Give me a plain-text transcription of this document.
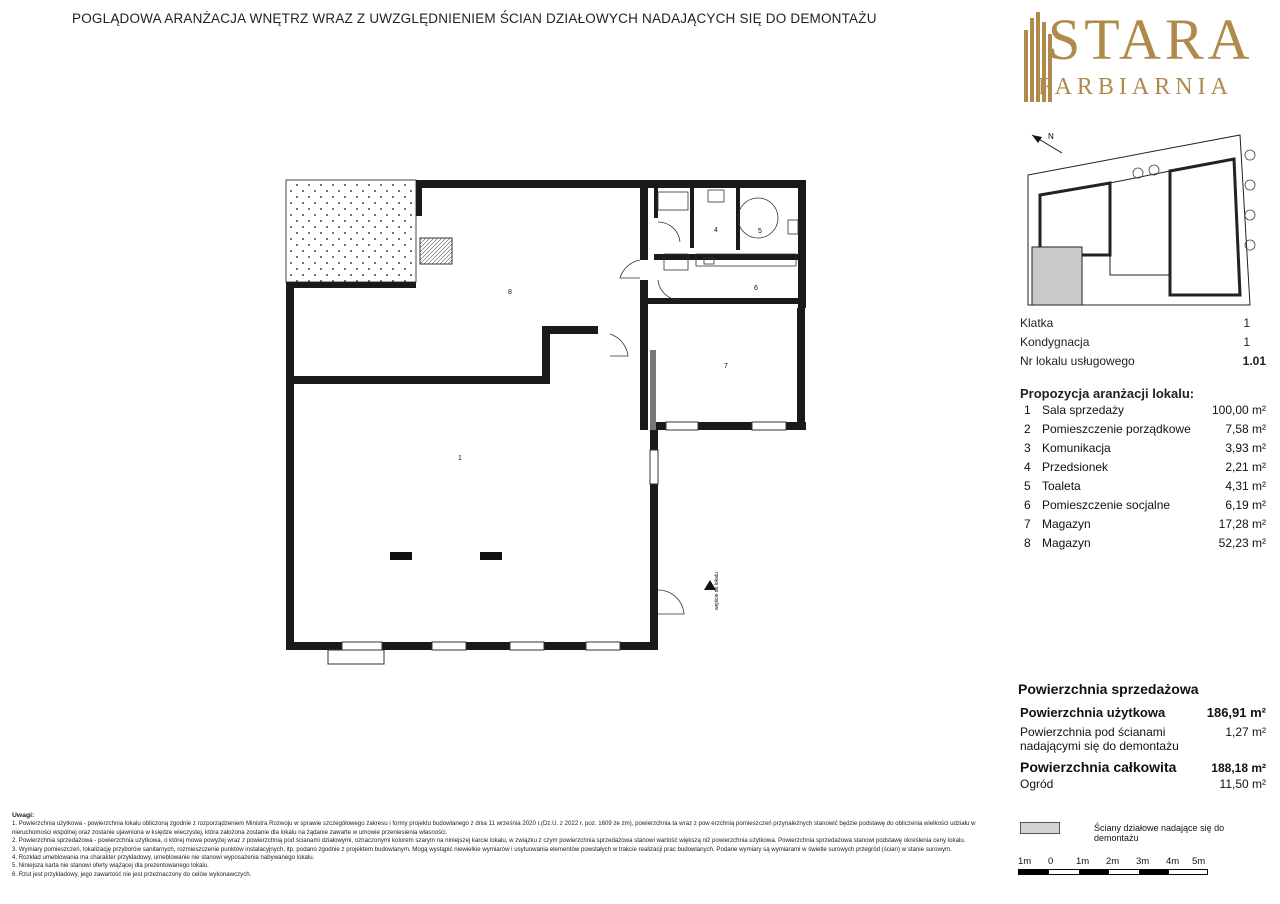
POGLĄDOWA ARANŻACJA WNĘTRZ WRAZ Z UWZGLĘDNIENIEM ŚCIAN DZIAŁOWYCH NADAJĄCYCH SIĘ DO DEMONTAŻU	STARA
FARBIARNIA
1
3
4	5
6
7
8
wejście do lokalu
N
Klatka	1
Kondygnacja	1
Nr lokalu usługowego	1.01
Propozycja aranżacji lokalu:
1 Sala sprzedaży	100,00 m²
2 Pomieszczenie porządkowe	7,58 m²
3 Komunikacja	3,93 m²
4 Przedsionek	2,21 m²
5 Toaleta	4,31 m²
6 Pomieszczenie socjalne	6,19 m²
7 Magazyn	17,28 m²
8 Magazyn	52,23 m²
Powierzchnia sprzedażowa
Powierzchnia użytkowa	186,91 m²
Powierzchnia pod ścianami nadającymi się do demontażu
1,27 m²
Powierzchnia całkowita	188,18 m²
Ogród	11,50 m²
Ściany działowe nadające się do demontażu
1m 0 1m 2m 3m 4m 5m
Uwagi:
1. Powierzchnia użytkowa - powierzchnia lokalu obliczoną zgodnie z rozporządzeniem Ministra Rozwoju w sprawie szczegółowego zakresu i formy projektu budowlanego z dnia 11 września 2020 r.(Dz.U. z 2022 r. poz. 1609 ze zm), powierzchnia ta wraz z pow erzchnią pomieszczeń przynależnych stanowić będzie podstawę do obliczenia wielkości udziału w nieruchomości wspólnej oraz zostanie ujawniona w księdze wieczystej, która założona zostanie dla lokalu na żądanie zawarte w umowie przeniesienia własności.
2. Powierzchnia sprzedażowa - powierzchnia użytkowa, o której mowa powyżej wraz z powierzchnią pod ścianami działowymi, oznaczonymi kolorem szarym na niniejszej karcie lokalu, w związku z czym powierzchnia sprzedażowa stanowi wartość większą niż powierzchnia użytkowa. Powierzchnia sprzedażowa stanowi podstawę określenia ceny lokalu.
3. Wymiary pomieszczeń, lokalizację przyborów sanitarnych, rozmieszczenie punktów instalacyjnych, itp. podano zgodnie z projektem budowlanym. Mogą wystąpić niewielkie wymiarów i usytuowania elementów powstałych w trakcie realizacji prac budowlanych. Podane wymiary są wymiarami w świetle surowych przegród (ścian) w stanie surowym.
4. Rozkład umeblowania ma charakter przykładowy, umeblowanie nie stanowi wyposażenia nabywanego lokalu.
5. Niniejsza karta nie stanowi oferty wiążącej dla prezentowanego lokalu.
6. Rzut jest przykładowy, jego zawartość nie jest przeznaczony do celów wykonawczych.
